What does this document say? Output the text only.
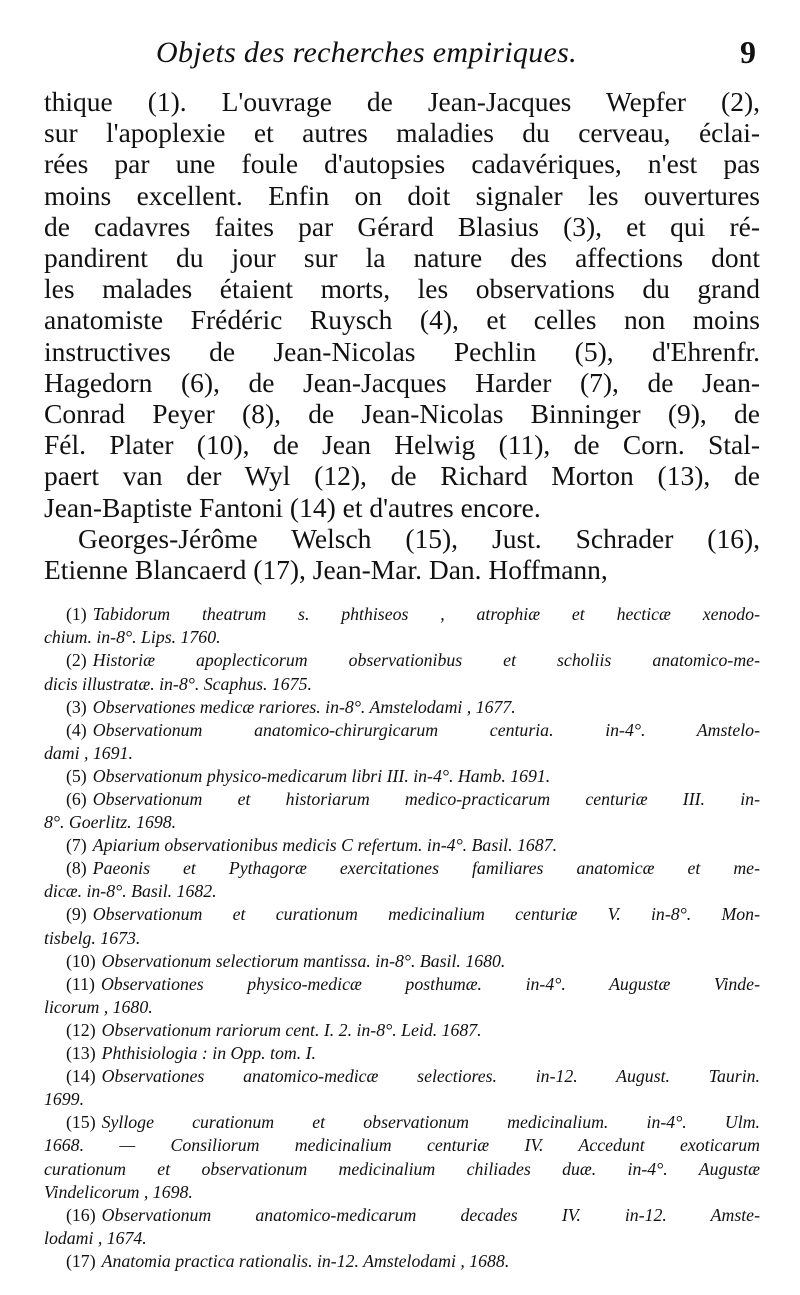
Objets des recherches empiriques.	9
thique (1). L'ouvrage de Jean-Jacques Wepfer (2),
sur l'apoplexie et autres maladies du cerveau, éclai-
rées par une foule d'autopsies cadavériques, n'est pas
moins excellent. Enfin on doit signaler les ouvertures
de cadavres faites par Gérard Blasius (3), et qui ré-
pandirent du jour sur la nature des affections dont
les malades étaient morts, les observations du grand
anatomiste Frédéric Ruysch (4), et celles non moins
instructives de Jean-Nicolas Pechlin (5), d'Ehrenfr.
Hagedorn (6), de Jean-Jacques Harder (7), de Jean-
Conrad Peyer (8), de Jean-Nicolas Binninger (9), de
Fél. Plater (10), de Jean Helwig (11), de Corn. Stal-
paert van der Wyl (12), de Richard Morton (13), de
Jean-Baptiste Fantoni (14) et d'autres encore.
Georges-Jérôme Welsch (15), Just. Schrader (16),
Etienne Blancaerd (17), Jean-Mar. Dan. Hoffmann,
(1) Tabidorum theatrum s. phthiseos , atrophiæ et hecticæ xenodo-
chium. in-8°. Lips. 1760.
(2) Historiæ apoplecticorum observationibus et scholiis anatomico-me-
dicis illustratæ. in-8°. Scaphus. 1675.
(3) Observationes medicæ rariores. in-8°. Amstelodami , 1677.
(4) Observationum anatomico-chirurgicarum centuria. in-4°. Amstelo-
dami , 1691.
(5) Observationum physico-medicarum libri III. in-4°. Hamb. 1691.
(6) Observationum et historiarum medico-practicarum centuriæ III. in-
8°. Goerlitz. 1698.
(7) Apiarium observationibus medicis C refertum. in-4°. Basil. 1687.
(8) Paeonis et Pythagoræ exercitationes familiares anatomicæ et me-
dicæ. in-8°. Basil. 1682.
(9) Observationum et curationum medicinalium centuriæ V. in-8°. Mon-
tisbelg. 1673.
(10) Observationum selectiorum mantissa. in-8°. Basil. 1680.
(11) Observationes physico-medicæ posthumæ. in-4°. Augustæ Vinde-
licorum , 1680.
(12) Observationum rariorum cent. I. 2. in-8°. Leid. 1687.
(13) Phthisiologia : in Opp. tom. I.
(14) Observationes anatomico-medicæ selectiores. in-12. August. Taurin.
1699.
(15) Sylloge curationum et observationum medicinalium. in-4°. Ulm.
1668. — Consiliorum medicinalium centuriæ IV. Accedunt exoticarum
curationum et observationum medicinalium chiliades duæ. in-4°. Augustæ
Vindelicorum , 1698.
(16) Observationum anatomico-medicarum decades IV. in-12. Amste-
lodami , 1674.
(17) Anatomia practica rationalis. in-12. Amstelodami , 1688.
